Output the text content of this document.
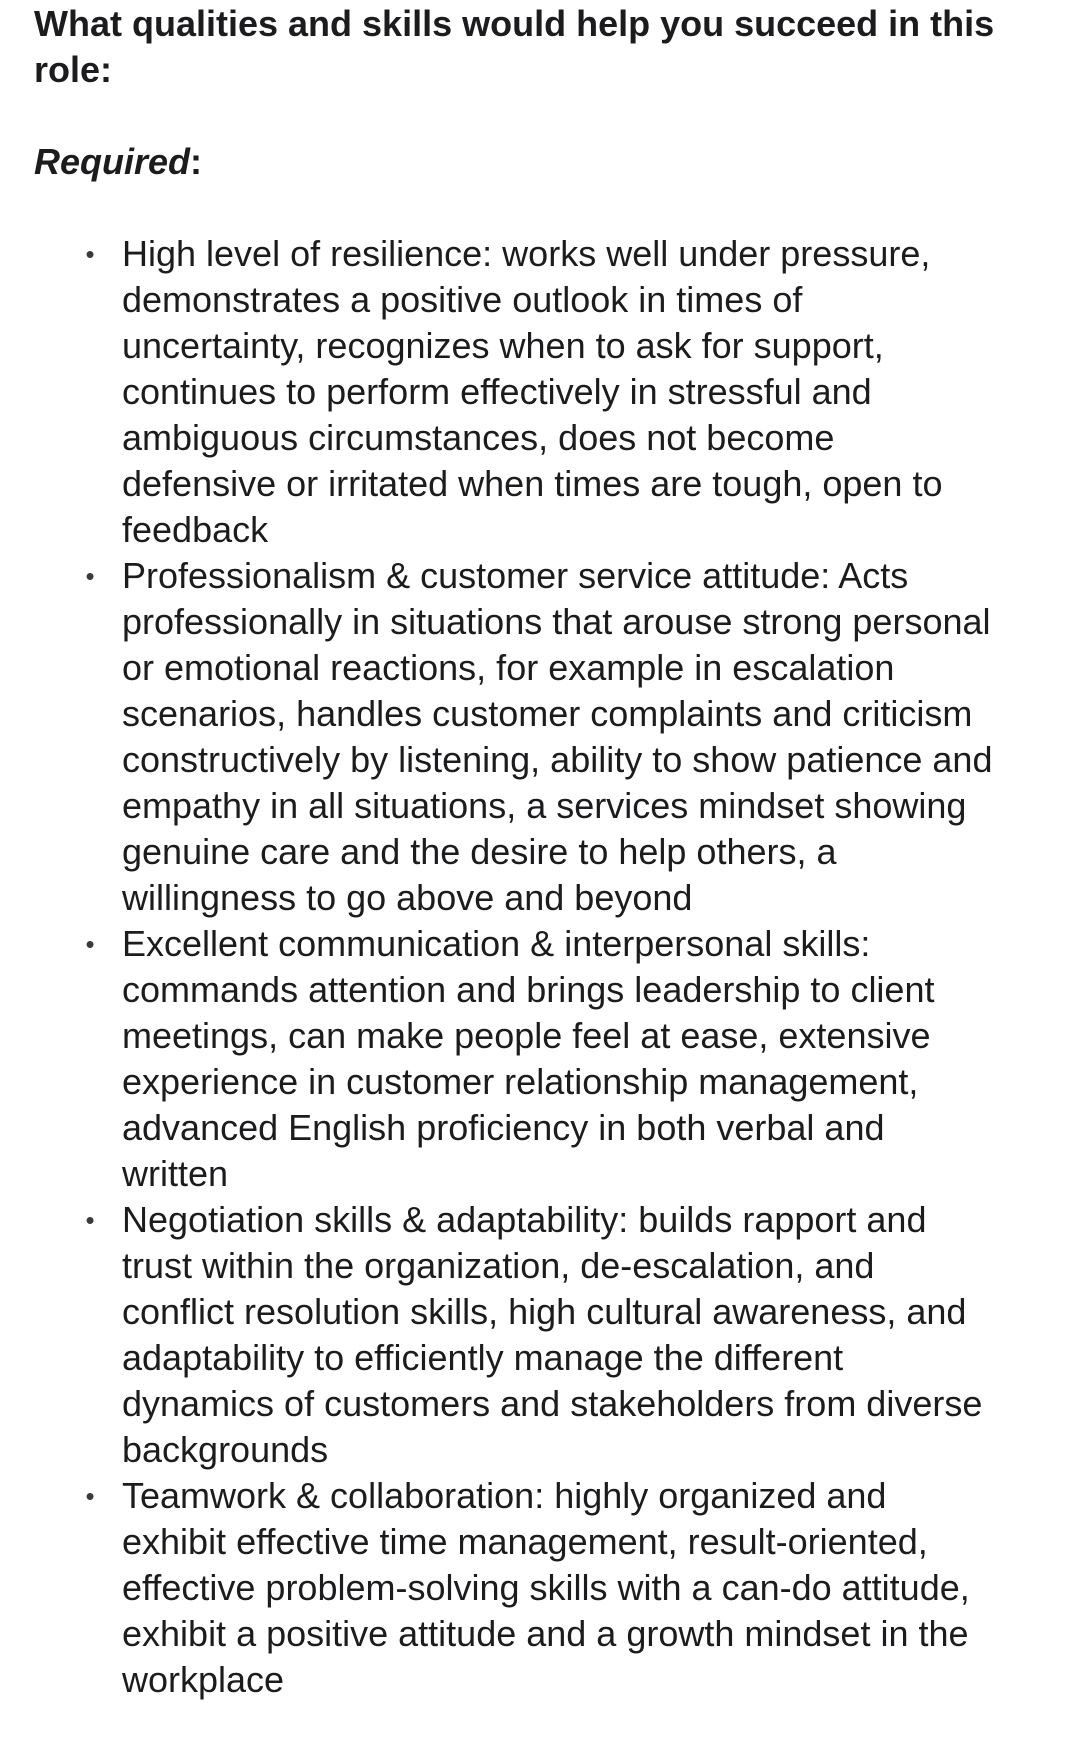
What qualities and skills would help you succeed in this role:
Required:
• High level of resilience: works well under pressure, demonstrates a positive outlook in times of uncertainty, recognizes when to ask for support, continues to perform effectively in stressful and ambiguous circumstances, does not become defensive or irritated when times are tough, open to feedback
• Professionalism & customer service attitude: Acts professionally in situations that arouse strong personal or emotional reactions, for example in escalation scenarios, handles customer complaints and criticism constructively by listening, ability to show patience and empathy in all situations, a services mindset showing genuine care and the desire to help others, a willingness to go above and beyond
• Excellent communication & interpersonal skills: commands attention and brings leadership to client meetings, can make people feel at ease, extensive experience in customer relationship management, advanced English proficiency in both verbal and written
• Negotiation skills & adaptability: builds rapport and trust within the organization, de-escalation, and conflict resolution skills, high cultural awareness, and adaptability to efficiently manage the different dynamics of customers and stakeholders from diverse backgrounds
• Teamwork & collaboration: highly organized and exhibit effective time management, result-oriented, effective problem-solving skills with a can-do attitude, exhibit a positive attitude and a growth mindset in the workplace
